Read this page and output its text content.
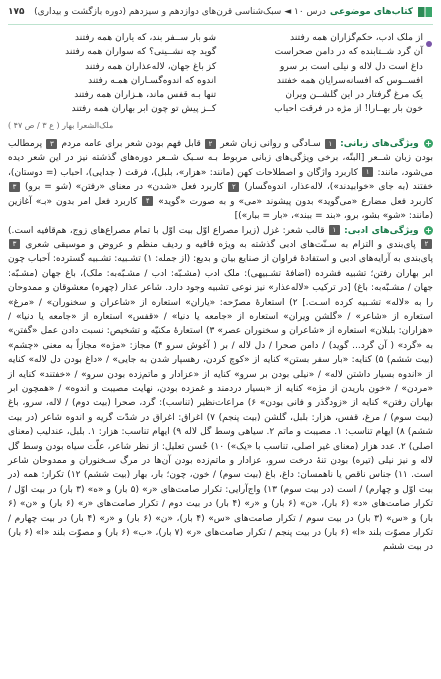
کتاب‌های موضوعی
درس ۱۰ ◄ سبک‌شناسی قرن‌های دوازدهم و سیزدهم (دوره بازگشت و بیداری)
۱۷۵
از ملک ادب، حکم‌گزاران همه رفتند
شو بار ســفر بند، که یاران همه رفتند
آن گرد شــتابنده که در دامن صحراست
گوید چه نشــینی؟ که سواران همه رفتند
داغ است دل لاله و نیلی است بر سرو
کز باغ جهان، لاله‌عذاران همه رفتند
افســوس که افسانه‌سرایان همه خفتند
اندوه که اندوه‌گسـاران همـه رفتند
یک مرغ گرفتار در این گلشــن ویران
تنها بـه قفس ماند، هـزاران همه رفتند
خون بار بهــارا! از مژه در فرقت احباب
کــز پیش تو چون ابر بهاران همه رفتند
ملک‌الشعرا بهار ( ع ۳ / ص ۴۷ )

+ ویژگی‌های زبانی: ۱ سـادگی و روانی زبان شعر ۲ قابل فهم بودن شعر برای عامه مردم ۳ پرمطالب بودن زبان شــعر [البتّه، برخی ویژگی‌های زبانی مربوط بـه سـبک شــعر دوره‌های گذشته نیز در این شعر دیده می‌شود، مانند: ۱ کاربرد واژگان و اصطلاحات کهن (مانند: «هزار»، بلبل)، فرقت ( جدایی)، احباب (= دوستان)، خفتند (به جای «خوابیدند»)، لاله‌عذار، اندوه‌گسار) ۲ کاربرد فعل «شدن» در معنای «رفتن» (شو = برو) ۳ کاربرد فعل مضارع «می‌گوید» بدون پیشوند «می» و به صورت «گوید» ۴ کاربرد فعل امر بدون «بـ» آغازین (مانند: «شو» بشو، برو، «بند = ببند»، «بار = ببار»)]

+ ویژگی‌های ادبی: ۱ قالب شعر: غزل (زیرا مصراع اوّل بیت اوّل با تمام مصراع‌های زوج، هم‌قافیه است.) ۲ پای‌بندی و التزام به سـنّت‌های ادبی گذشته به ویژه قافیه و ردیف منظم و عروض و موسیقی شعری ۳ پای‌بندی به آرایه‌های ادبی و استفادهٔ فراوان از صنایع بیان و بدیع: (از جمله: ۱) تشـبیه: تشـبیه گسترده: اَحباب چون ابر بهاران رفتن؛ تشبیه فشرده (اضافهٔ تشـبیهی): ملک ادب (مشـبّه: ادب / مشـبّه‌به: ملک)، باغ جهان (مشـبّه: جهان / مشـبّه‌به: باغ) [در ترکیب «لاله‌عذار» نیز نوعی تشبیه وجود دارد. شاعر عذار (چهره) معشوقان و ممدوحان را به «لاله» تشـبیه کرده اسـت.] ۲) استعارهٔ مصرّحه: «یاران» استعاره از «شاعران و سخنوران» / «مرغ» استعاره از «شاعر» / «گلشن ویران» استعاره از «جامعه یا دنیا» / «قفس» استعاره از «جامعه یا دنیا» / «هزاران: بلبلان» استعاره از «شاعران و سخنوران عصر» ۳) استعارهٔ مکنیّه و تشخیص: نسبت دادن عمل «گفتن» به «گرد» ( آن گرد... گوید) / دامن صحرا / دل لاله / بر ( آغوش سرو ۴) مجاز: «مژه» مجازاً به معنی «چشم» (بیت ششم) ۵) کنایه: «بار سفر بستن» کنایه از «کوچ کردن، رهسپار شدن به جایی» / «داغ بودن دل لاله» کنایه از «اندوه بسیار داشتن لاله» / «نیلی بودن بر سرو» کنایه از «عزادار و ماتم‌زده بودن سرو» / «خفتند» کنایه از «مردن» / «خون باریدن از مژه» کنایه از «بسیار دردمند و غمزده بودن، نهایت مصیبت و اندوه» / «همچون ابر بهاران رفتن» کنایه از «زودگذر و فانی بودن» ۶) مراعات‌نظیر (تناسب): گرد، صحرا (بیت دوم) / لاله، سرو، باغ (بیت سوم) / مرغ، قفس، هزار: بلبل، گلشن (بیت پنجم) ۷) اغراق: اغراق در شدّت گریه و اندوه شاعر (در بیت ششم) ۸) ایهام تناسب: ۱. مصیبت و ماتم ۲. سیاهی وسط گل لاله ۹) ایهام تناسب: هزار: ۱. بلبل، عندلیب (معنای اصلی) ۲. عدد هزار (معنای غیر اصلی، تناسب با «یک») ۱۰) حُسن تعلیل: از نظر شاعر، علّت سیاه بودن وسط گل لاله و نیز نیلی (تیره) بودن تنهٔ درخت سرو، عزادار و ماتم‌زده بودن آن‌ها در مرگ سـخنوران و ممدوحان شاعر است. ۱۱) جناس ناقص یا ناهمسان: داغ، باغ (بیت سوم) / خون، چون؛ بار، بهار (بیت ششم) ۱۲) تکرار: همه (در بیت اوّل و چهارم) / است (در بیت سوم) ۱۳) واج‌آرایی: تکرار صامت‌های «ر» (۵ بار) و «ه» (۳ بار) در بیت اوّل / تکرار صامت‌های «د» (۶ بار)، «ن» (۶ بار) و «ر» (۴ بار) در بیت دوم / تکرار صامت‌های «ر» (۶ بار) و «ن» (۶ بار) و «س» (۳ بار) در بیت سوم / تکرار صامت‌های «س» (۴ بار)، «ن» (۶ بار) و «ر» (۴ بار) در بیت چهارم / تکرار مصوّت بلند «ا» (۶ بار) در بیت پنجم / تکرار صامت‌های «ر» (۷ بار)، «ب» (۶ بار) و مصوّت بلند «ا» (۶ بار) در بیت ششم
